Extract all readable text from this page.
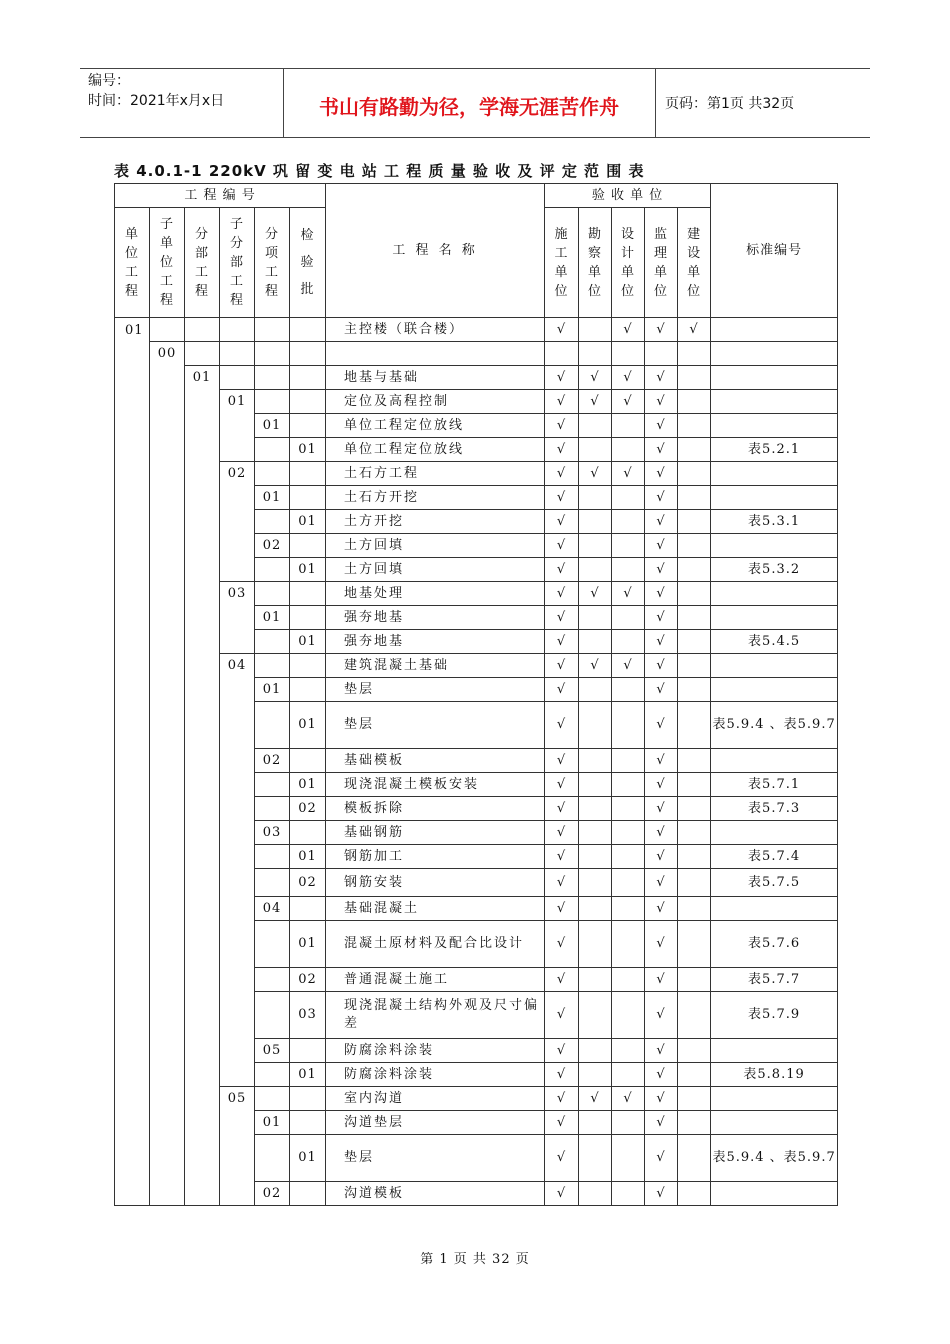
编号：
时间：2021年x月x日	书山有路勤为径，学海无涯苦作舟	页码：第1页 共32页
表 4.0.1-1 220kV 巩 留 变 电 站 工 程 质 量 验 收 及 评 定 范 围 表
工 程 编 号						工 程 名 称	验 收 单 位					标准编号
单位工程	子单位工程	分部工程	子分部工程	分项工程	检验批		施工单位	勘察单位	设计单位	监理单位	建设单位	
01						主控楼（联合楼）	√		√	√	√	
	00											
		01				地基与基础	√	√	√	√		
			01			定位及高程控制	√	√	√	√		
				01		单位工程定位放线	√			√		
					01	单位工程定位放线	√			√		表5.2.1
			02			土石方工程	√	√	√	√		
				01		土石方开挖	√			√		
					01	土方开挖	√			√		表5.3.1
				02		土方回填	√			√		
					01	土方回填	√			√		表5.3.2
			03			地基处理	√	√	√	√		
				01		强夯地基	√			√		
					01	强夯地基	√			√		表5.4.5
			04			建筑混凝土基础	√	√	√	√		
				01		垫层	√			√		
					01	垫层	√			√		表5.9.4 、表5.9.7
				02		基础模板	√			√		
					01	现浇混凝土模板安装	√			√		表5.7.1
					02	模板拆除	√			√		表5.7.3
				03		基础钢筋	√			√		
					01	钢筋加工	√			√		表5.7.4
					02	钢筋安装	√			√		表5.7.5
				04		基础混凝土	√			√		
					01	混凝土原材料及配合比设计	√			√		表5.7.6
					02	普通混凝土施工	√			√		表5.7.7
					03	现浇混凝土结构外观及尺寸偏差	√			√		表5.7.9
				05		防腐涂料涂装	√			√		
					01	防腐涂料涂装	√			√		表5.8.19
			05			室内沟道	√	√	√	√		
				01		沟道垫层	√			√		
					01	垫层	√			√		表5.9.4 、表5.9.7
				02		沟道模板	√			√		
第 1 页 共 32 页
